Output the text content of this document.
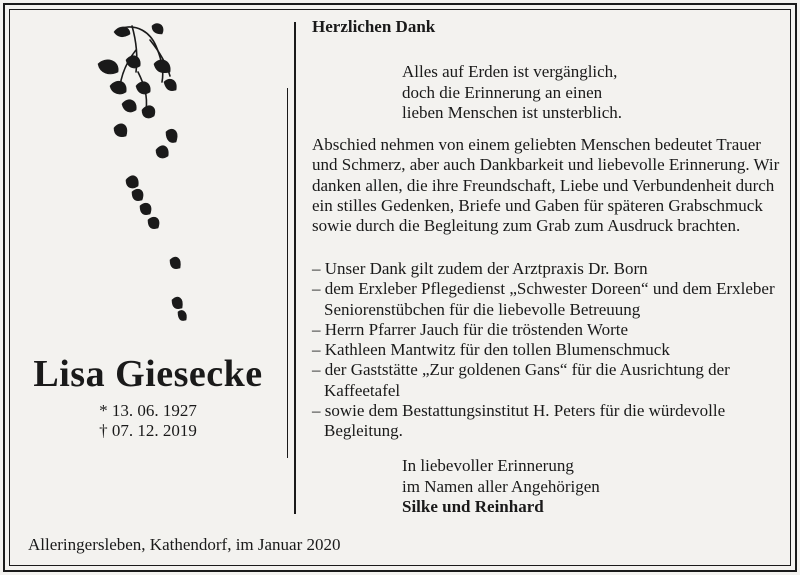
Lisa Giesecke
* 13. 06. 1927
† 07. 12. 2019
Alleringersleben, Kathendorf, im Januar 2020
Herzlichen Dank
Alles auf Erden ist vergänglich,
doch die Erinnerung an einen
lieben Menschen ist unsterblich.
Abschied nehmen von einem geliebten Menschen bedeutet Trauer
und Schmerz, aber auch Dankbarkeit und liebevolle Erinnerung. Wir
danken allen, die ihre Freundschaft, Liebe und Verbundenheit durch
ein stilles Gedenken, Briefe und Gaben für späteren Grabschmuck
sowie durch die Begleitung zum Grab zum Ausdruck brachten.
– Unser Dank gilt zudem der Arztpraxis Dr. Born
– dem Erxleber Pflegedienst „Schwester Doreen“ und dem Erxleber Seniorenstübchen für die liebevolle Betreuung
– Herrn Pfarrer Jauch für die tröstenden Worte
– Kathleen Mantwitz für den tollen Blumenschmuck
– der Gaststätte „Zur goldenen Gans“ für die Ausrichtung der Kaffeetafel
– sowie dem Bestattungsinstitut H. Peters für die würdevolle Begleitung.
In liebevoller Erinnerung
im Namen aller Angehörigen
Silke und Reinhard
